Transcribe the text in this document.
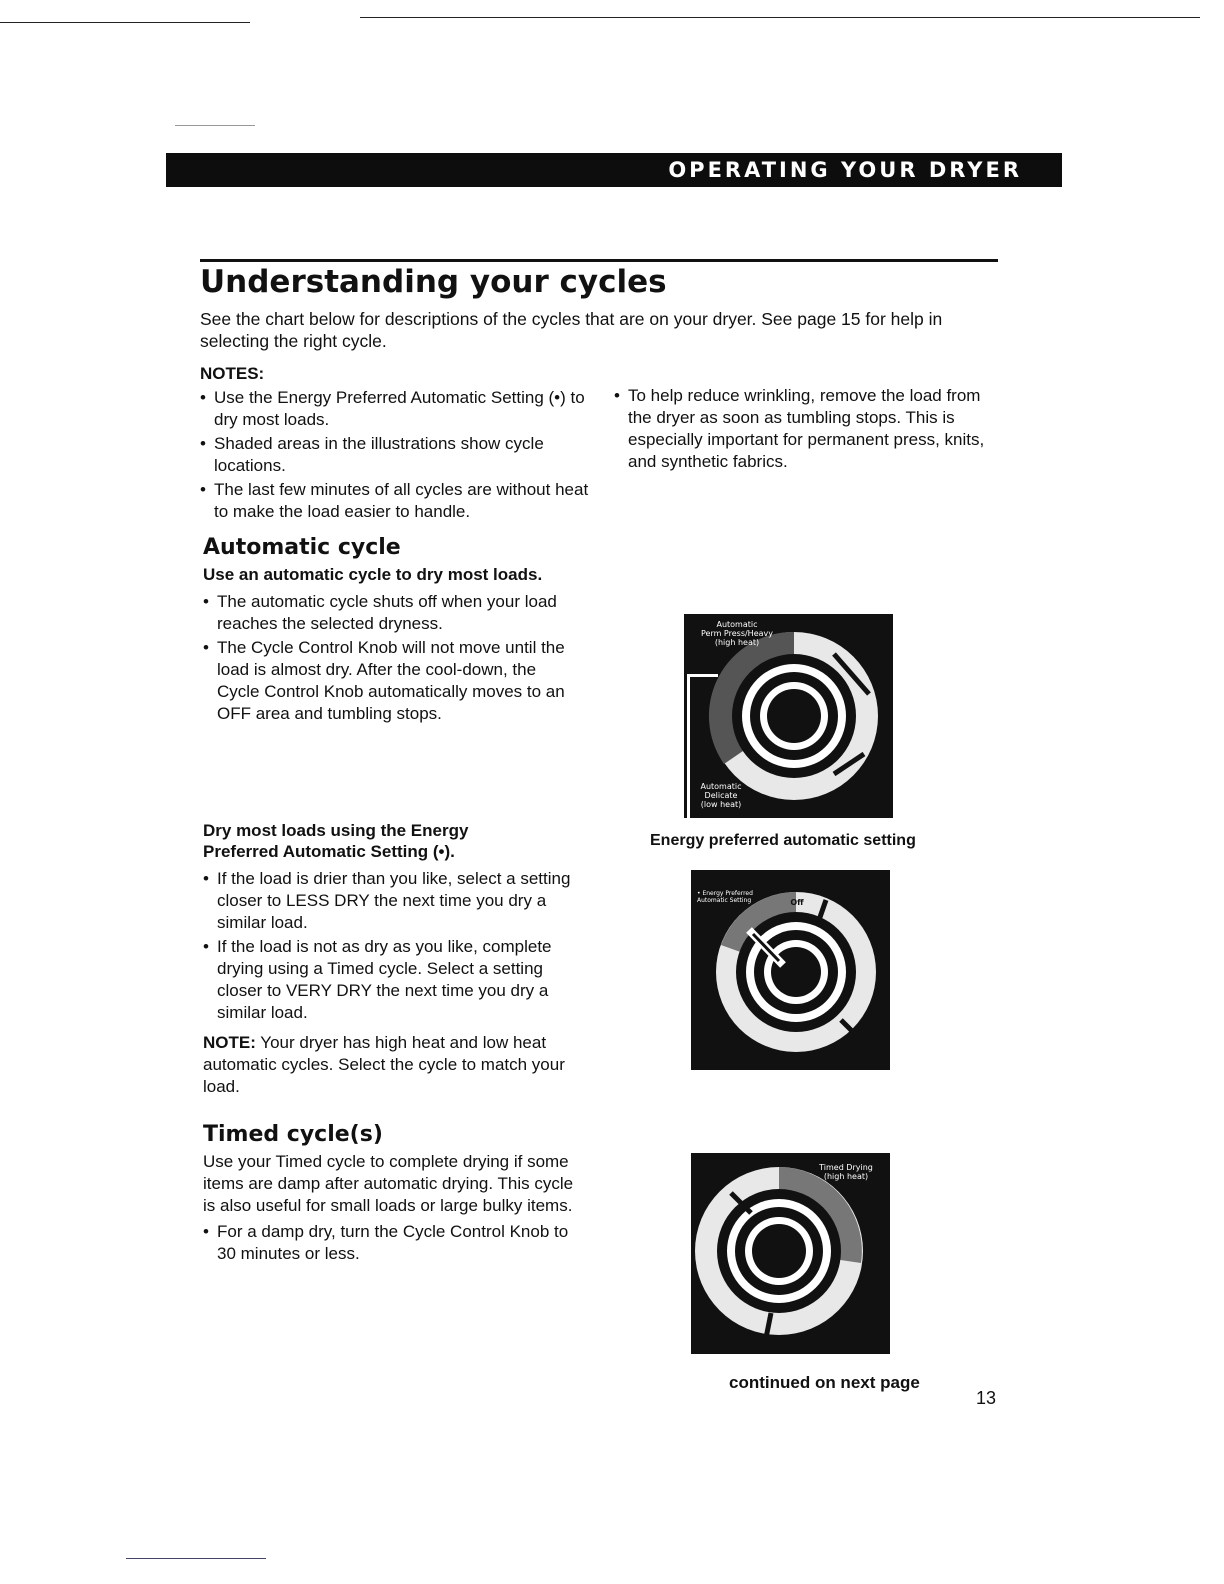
OPERATING YOUR DRYER
Understanding your cycles
See the chart below for descriptions of the cycles that are on your dryer. See page 15 for help in selecting the right cycle.
NOTES:
• Use the Energy Preferred Automatic Setting (•) to dry most loads.
• Shaded areas in the illustrations show cycle locations.
• The last few minutes of all cycles are without heat to make the load easier to handle.
• To help reduce wrinkling, remove the load from the dryer as soon as tumbling stops. This is especially important for permanent press, knits, and synthetic fabrics.
Automatic cycle
Use an automatic cycle to dry most loads.
• The automatic cycle shuts off when your load reaches the selected dryness.
• The Cycle Control Knob will not move until the load is almost dry. After the cool-down, the Cycle Control Knob automatically moves to an OFF area and tumbling stops.
Dry most loads using the Energy Preferred Automatic Setting (•).
• If the load is drier than you like, select a setting closer to LESS DRY the next time you dry a similar load.
• If the load is not as dry as you like, complete drying using a Timed cycle. Select a setting closer to VERY DRY the next time you dry a similar load.
NOTE: Your dryer has high heat and low heat automatic cycles. Select the cycle to match your load.
Timed cycle(s)
Use your Timed cycle to complete drying if some items are damp after automatic drying. This cycle is also useful for small loads or large bulky items.
• For a damp dry, turn the Cycle Control Knob to 30 minutes or less.
Automatic
Perm Press/Heavy
(high heat)
Automatic
Delicate
(low heat)
Energy preferred automatic setting
• Energy Preferred
Automatic Setting	Off
Timed Drying
(high heat)
continued on next page
13
